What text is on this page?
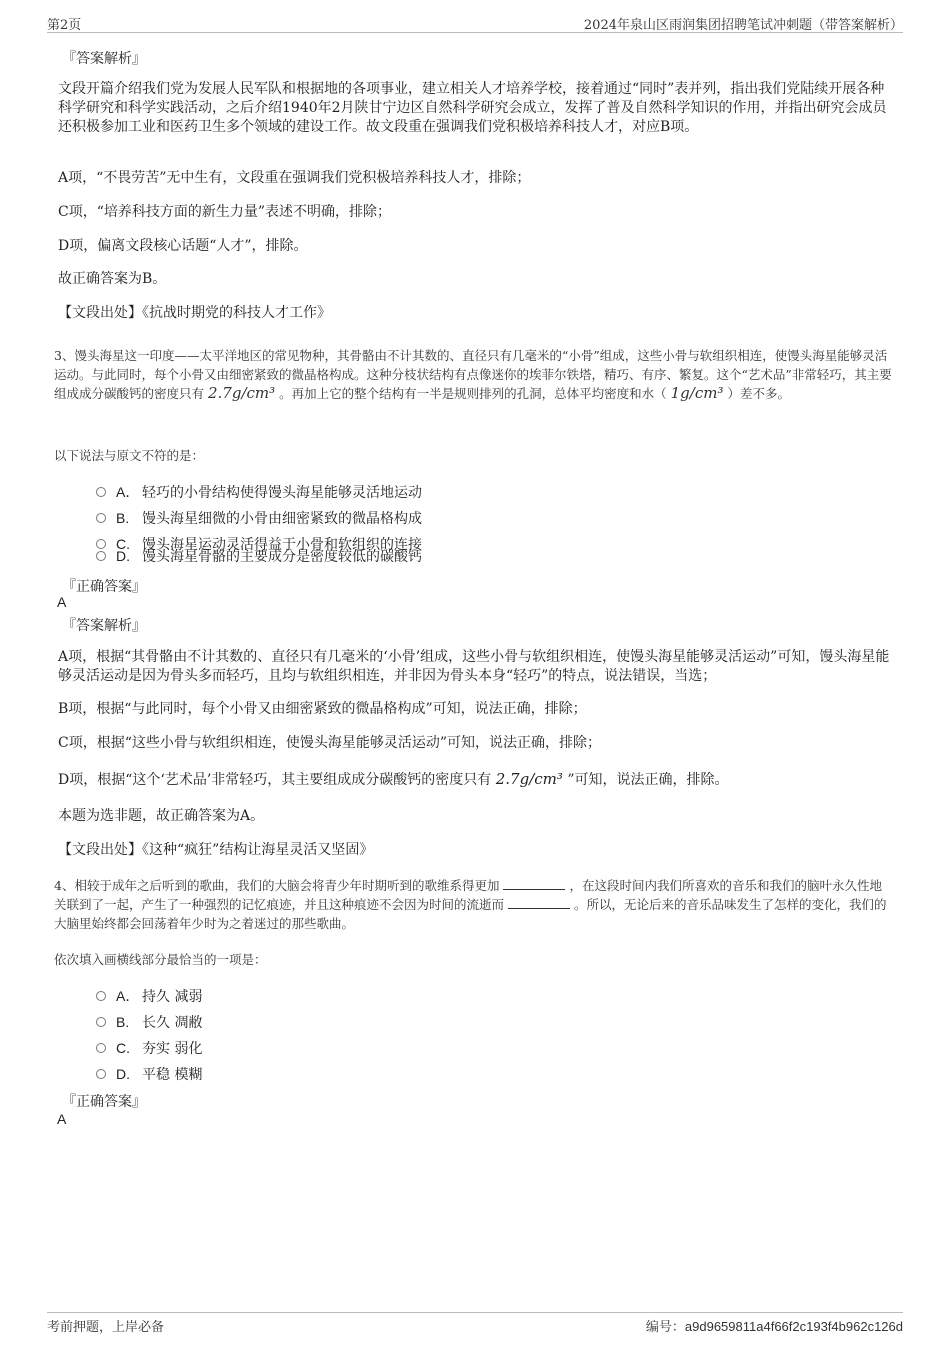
第2页	2024年泉山区雨润集团招聘笔试冲刺题（带答案解析）
『答案解析』
文段开篇介绍我们党为发展人民军队和根据地的各项事业，建立相关人才培养学校，接着通过“同时”表并列，指出我们党陆续开展各种科学研究和科学实践活动，之后介绍1940年2月陕甘宁边区自然科学研究会成立，发挥了普及自然科学知识的作用，并指出研究会成员还积极参加工业和医药卫生多个领域的建设工作。故文段重在强调我们党积极培养科技人才，对应B项。
A项，“不畏劳苦”无中生有，文段重在强调我们党积极培养科技人才，排除；
C项，“培养科技方面的新生力量”表述不明确，排除；
D项，偏离文段核心话题“人才”，排除。
故正确答案为B。
【文段出处】《抗战时期党的科技人才工作》
3、馒头海星这一印度——太平洋地区的常见物种，其骨骼由不计其数的、直径只有几毫米的“小骨”组成，这些小骨与软组织相连，使馒头海星能够灵活运动。与此同时，每个小骨又由细密紧致的微晶格构成。这种分枝状结构有点像迷你的埃菲尔铁塔，精巧、有序、繁复。这个“艺术品”非常轻巧，其主要组成成分碳酸钙的密度只有 2.7g/cm³ 。再加上它的整个结构有一半是规则排列的孔洞，总体平均密度和水（ 1g/cm³ ）差不多。
以下说法与原文不符的是：
A． 轻巧的小骨结构使得馒头海星能够灵活地运动
B. 馒头海星细微的小骨由细密紧致的微晶格构成
C. 馒头海星运动灵活得益于小骨和软组织的连接
D. 馒头海星骨骼的主要成分是密度较低的碳酸钙
『正确答案』
A
『答案解析』
A项，根据“其骨骼由不计其数的、直径只有几毫米的‘小骨’组成，这些小骨与软组织相连，使馒头海星能够灵活运动”可知，馒头海星能够灵活运动是因为骨头多而轻巧，且均与软组织相连，并非因为骨头本身“轻巧”的特点，说法错误，当选；
B项，根据“与此同时，每个小骨又由细密紧致的微晶格构成”可知，说法正确，排除；
C项，根据“这些小骨与软组织相连，使馒头海星能够灵活运动”可知，说法正确，排除；
D项，根据“这个‘艺术品’非常轻巧，其主要组成成分碳酸钙的密度只有 2.7g/cm³ ”可知，说法正确，排除。
本题为选非题，故正确答案为A。
【文段出处】《这种“疯狂”结构让海星灵活又坚固》
4、相较于成年之后听到的歌曲，我们的大脑会将青少年时期听到的歌维系得更加	，在这段时间内我们所喜欢的音乐和我们的脑叶永久性地关联到了一起，产生了一种强烈的记忆痕迹，并且这种痕迹不会因为时间的流逝而	。所以，无论后来的音乐品味发生了怎样的变化，我们的大脑里始终都会回荡着年少时为之着迷过的那些歌曲。
依次填入画横线部分最恰当的一项是：
A． 持久 减弱
B. 长久 凋敝
C. 夯实 弱化
D. 平稳 模糊
『正确答案』
A
考前押题，上岸必备	编号：a9d9659811a4f66f2c193f4b962c126d
